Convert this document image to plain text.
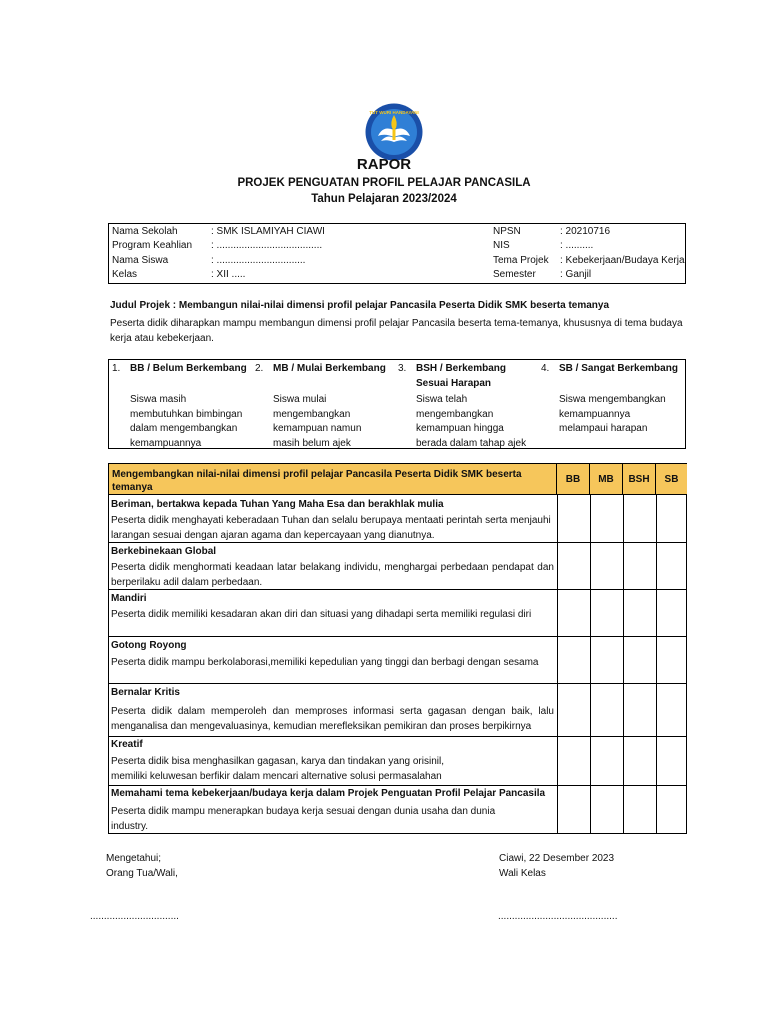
TUT WURI HANDAYANI
RAPOR
PROJEK PENGUATAN PROFIL PELAJAR PANCASILA
Tahun Pelajaran 2023/2024
Nama Sekolah	: SMK ISLAMIYAH CIAWI
Program Keahlian : ......................................
Nama Siswa	: ................................
Kelas	: XII .....
NPSN	: 20210716
NIS	: ..........
Tema Projek : Kebekerjaan/Budaya Kerja
Semester : Ganjil
Judul Projek : Membangun nilai-nilai dimensi profil pelajar Pancasila Peserta Didik SMK beserta temanya
Peserta didik diharapkan mampu membangun dimensi profil pelajar Pancasila beserta tema-temanya, khususnya di tema budaya kerja atau kebekerjaan.
1. BB / Belum Berkembang
Siswa masih
membutuhkan bimbingan
dalam mengembangkan
kemampuannya
2. MB / Mulai Berkembang
Siswa mulai
mengembangkan
kemampuan namun
masih belum ajek
3. BSH / Berkembang Sesuai Harapan
Siswa telah
mengembangkan
kemampuan hingga
berada dalam tahap ajek
4. SB / Sangat Berkembang
Siswa mengembangkan
kemampuannya
melampaui harapan
Mengembangkan nilai-nilai dimensi profil pelajar Pancasila Peserta Didik SMK beserta temanya
BB	MB	BSH	SB
Beriman, bertakwa kepada Tuhan Yang Maha Esa dan berakhlak mulia
Peserta didik menghayati keberadaan Tuhan dan selalu berupaya mentaati perintah serta menjauhi larangan sesuai dengan ajaran agama dan kepercayaan yang dianutnya.
Berkebinekaan Global
Peserta didik menghormati keadaan latar belakang individu, menghargai perbedaan pendapat dan berperilaku adil dalam perbedaan.
Mandiri
Peserta didik memiliki kesadaran akan diri dan situasi yang dihadapi serta memiliki regulasi diri
Gotong Royong
Peserta didik mampu berkolaborasi,memiliki kepedulian yang tinggi dan berbagi dengan sesama
Bernalar Kritis
Peserta didik dalam memperoleh dan memproses informasi serta gagasan dengan baik, lalu menganalisa dan mengevaluasinya, kemudian merefleksikan pemikiran dan proses berpikirnya
Kreatif
Peserta didik bisa menghasilkan gagasan, karya dan tindakan yang orisinil,
memiliki keluwesan berfikir dalam mencari alternative solusi permasalahan
Memahami tema kebekerjaan/budaya kerja dalam Projek Penguatan Profil Pelajar Pancasila
Peserta didik mampu menerapkan budaya kerja sesuai dengan dunia usaha dan dunia industry.
Mengetahui;
Orang Tua/Wali,
Ciawi, 22 Desember 2023
Wali Kelas
................................	...........................................
